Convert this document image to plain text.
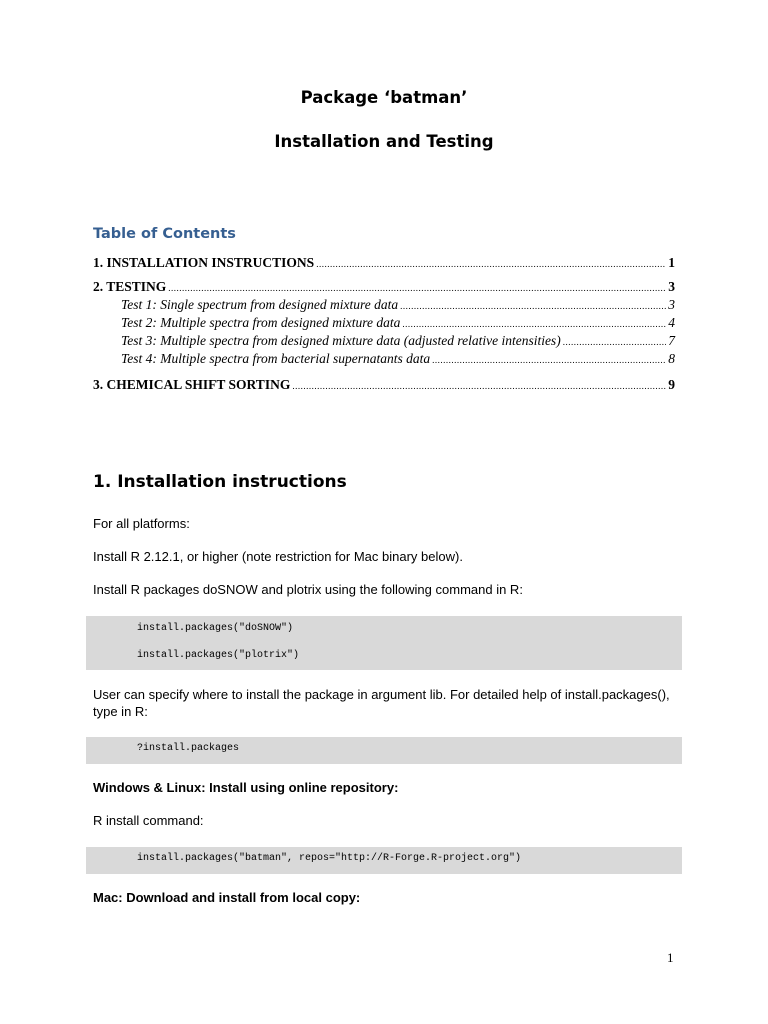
Package ‘batman’
Installation and Testing
Table of Contents
1. INSTALLATION INSTRUCTIONS .....	1
2. TESTING .....	3
Test 1: Single spectrum from designed mixture data .....	3
Test 2: Multiple spectra from designed mixture data .....	4
Test 3: Multiple spectra from designed mixture data (adjusted relative intensities) .....	7
Test 4: Multiple spectra from bacterial supernatants data .....	8
3. CHEMICAL SHIFT SORTING .....	9
1. Installation instructions
For all platforms:
Install R 2.12.1, or higher (note restriction for Mac binary below).
Install R packages doSNOW and plotrix using the following command in R:
install.packages("doSNOW")
install.packages("plotrix")
User can specify where to install the package in argument lib. For detailed help of install.packages(), type in R:
?install.packages
Windows & Linux: Install using online repository:
R install command:
install.packages("batman", repos="http://R-Forge.R-project.org")
Mac: Download and install from local copy:
1
